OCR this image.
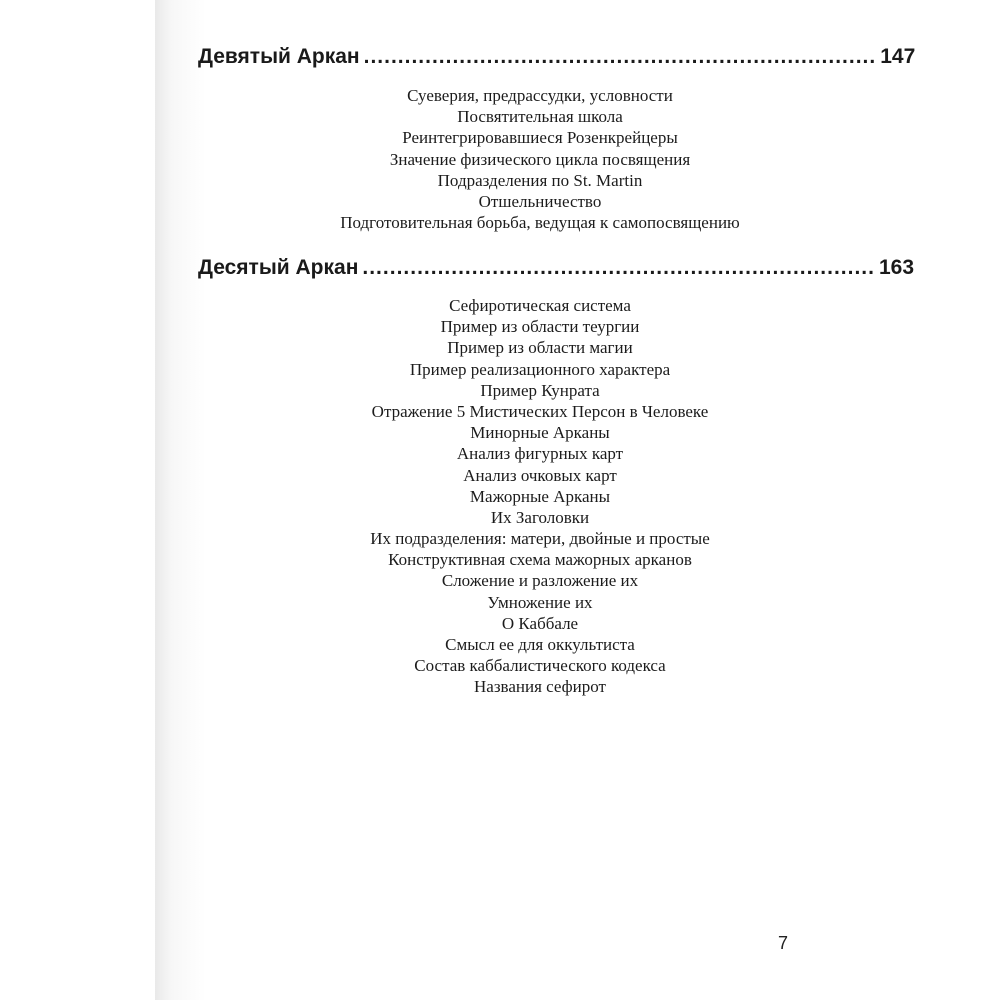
Девятый Аркан ........................................................................... 147
Суеверия, предрассудки, условности
Посвятительная школа
Реинтегрировавшиеся Розенкрейцеры
Значение физического цикла посвящения
Подразделения по St. Martin
Отшельничество
Подготовительная борьба, ведущая к самопосвящению
Десятый Аркан ........................................................................... 163
Сефиротическая система
Пример из области теургии
Пример из области магии
Пример реализационного характера
Пример Кунрата
Отражение 5 Мистических Персон в Человеке
Минорные Арканы
Анализ фигурных карт
Анализ очковых карт
Мажорные Арканы
Их Заголовки
Их подразделения: матери, двойные и простые
Конструктивная схема мажорных арканов
Сложение и разложение их
Умножение их
О Каббале
Смысл ее для оккультиста
Состав каббалистического кодекса
Названия сефирот
7
